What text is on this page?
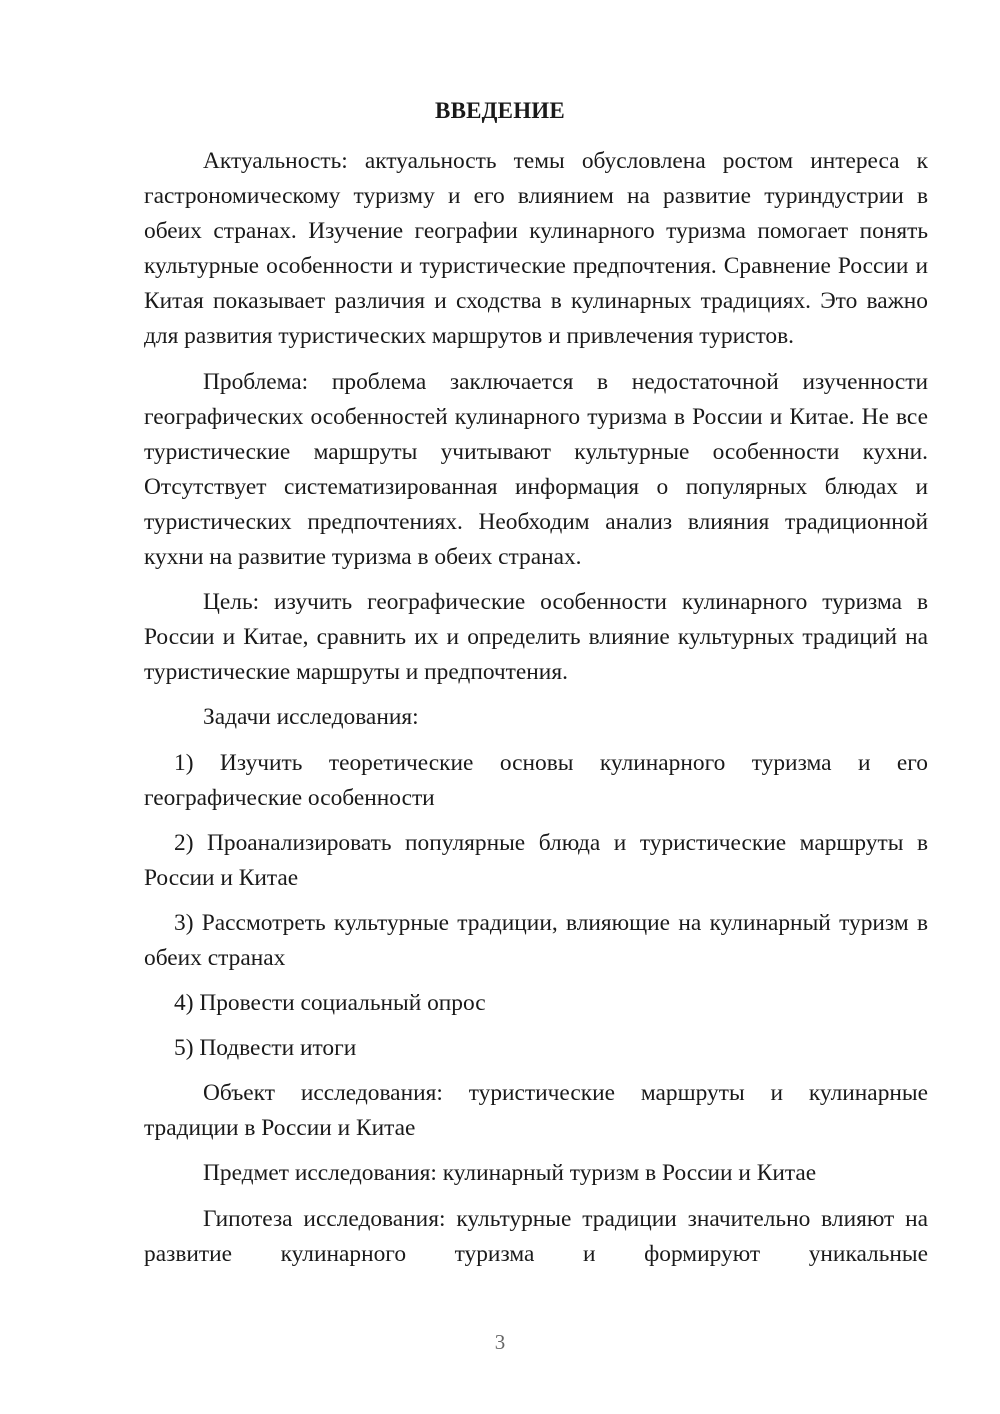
ВВЕДЕНИЕ

Актуальность: актуальность темы обусловлена ростом интереса к гастрономическому туризму и его влиянием на развитие туриндустрии в обеих странах. Изучение географии кулинарного туризма помогает понять культурные особенности и туристические предпочтения. Сравнение России и Китая показывает различия и сходства в кулинарных традициях. Это важно для развития туристических маршрутов и привлечения туристов.

Проблема: проблема заключается в недостаточной изученности географических особенностей кулинарного туризма в России и Китае. Не все туристические маршруты учитывают культурные особенности кухни. Отсутствует систематизированная информация о популярных блюдах и туристических предпочтениях. Необходим анализ влияния традиционной кухни на развитие туризма в обеих странах.

Цель: изучить географические особенности кулинарного туризма в России и Китае, сравнить их и определить влияние культурных традиций на туристические маршруты и предпочтения.

Задачи исследования:

1) Изучить теоретические основы кулинарного туризма и его географические особенности

2) Проанализировать популярные блюда и туристические маршруты в России и Китае

3) Рассмотреть культурные традиции, влияющие на кулинарный туризм в обеих странах

4) Провести социальный опрос

5) Подвести итоги

Объект исследования: туристические маршруты и кулинарные традиции в России и Китае

Предмет исследования: кулинарный туризм в России и Китае

Гипотеза исследования: культурные традиции значительно влияют на развитие кулинарного туризма и формируют уникальные

3
